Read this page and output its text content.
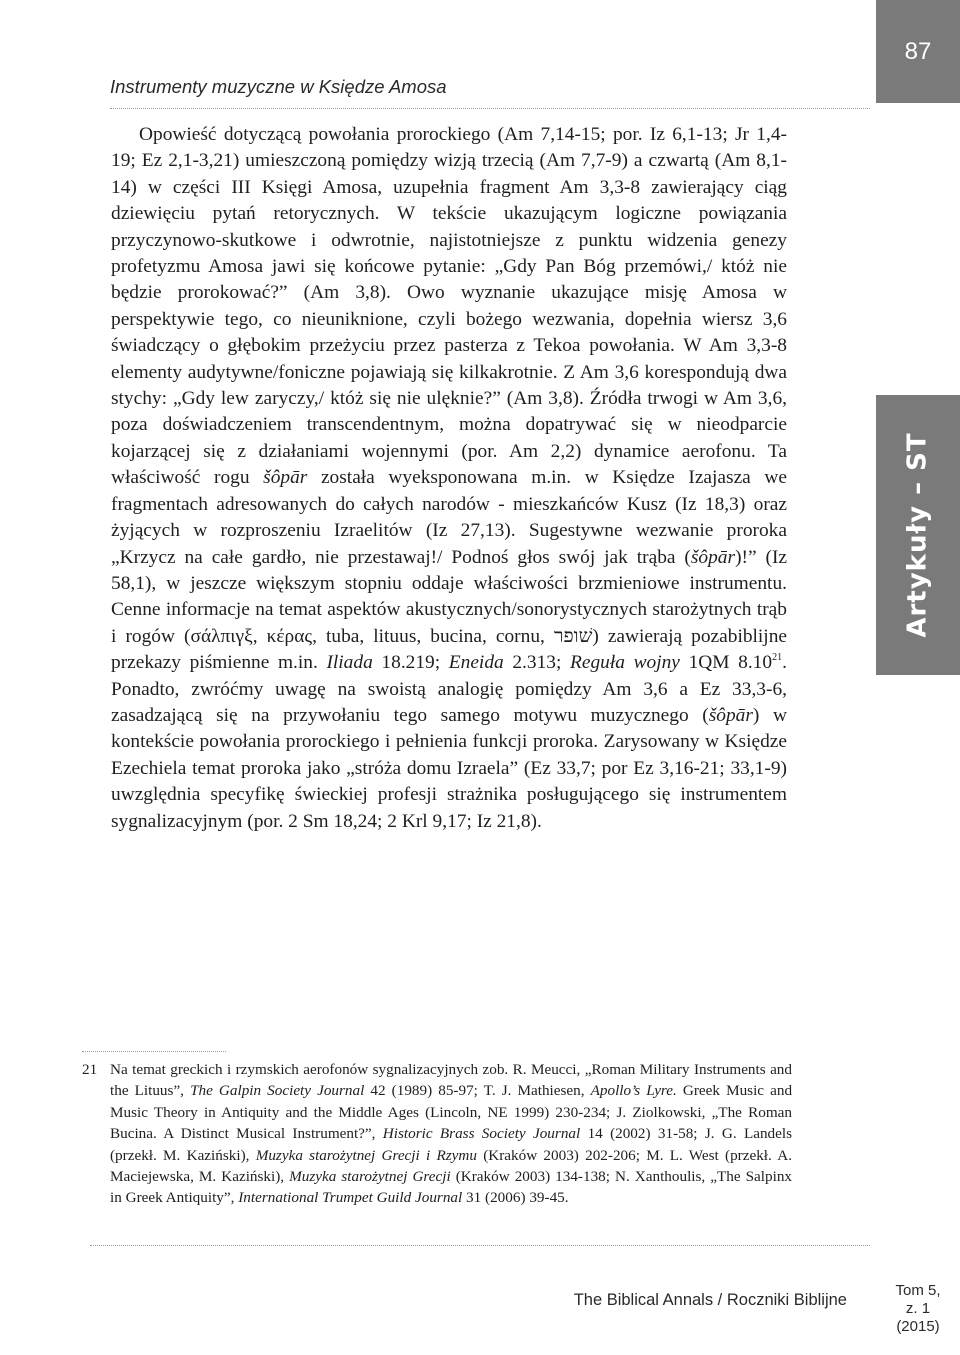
87
Instrumenty muzyczne w Księdze Amosa
Artykuły – ST

Opowieść dotyczącą powołania prorockiego (Am 7,14-15; por. Iz 6,1-13; Jr 1,4-19; Ez 2,1-3,21) umieszczoną pomiędzy wizją trzecią (Am 7,7-9) a czwartą (Am 8,1-14) w części III Księgi Amosa, uzupełnia fragment Am 3,3-8 zawierający ciąg dziewięciu pytań retorycznych. W tekście ukazującym logiczne powiązania przyczynowo-skutkowe i odwrotnie, najistotniejsze z punktu widzenia genezy profetyzmu Amosa jawi się końcowe pytanie: „Gdy Pan Bóg przemówi,/ któż nie będzie prorokować?” (Am 3,8). Owo wyznanie ukazujące misję Amosa w perspektywie tego, co nieuniknione, czyli bożego wezwania, dopełnia wiersz 3,6 świadczący o głębokim przeżyciu przez pasterza z Tekoa powołania. W Am 3,3-8 elementy audytywne/foniczne pojawiają się kilkakrotnie. Z Am 3,6 korespondują dwa stychy: „Gdy lew zaryczy,/ któż się nie ulęknie?” (Am 3,8). Źródła trwogi w Am 3,6, poza doświadczeniem transcendentnym, można dopatrywać się w nieodparcie kojarzącej się z działaniami wojennymi (por. Am 2,2) dynamice aerofonu. Ta właściwość rogu šôpār została wyeksponowana m.in. w Księdze Izajasza we fragmentach adresowanych do całych narodów - mieszkańców Kusz (Iz 18,3) oraz żyjących w rozproszeniu Izraelitów (Iz 27,13). Sugestywne wezwanie proroka „Krzycz na całe gardło, nie przestawaj!/ Podnoś głos swój jak trąba (šôpār)!” (Iz 58,1), w jeszcze większym stopniu oddaje właściwości brzmieniowe instrumentu. Cenne informacje na temat aspektów akustycznych/sonorystycznych starożytnych trąb i rogów (σάλπιγξ, κέρας, tuba, lituus, bucina, cornu, שׁופר) zawierają pozabiblijne przekazy piśmienne m.in. Iliada 18.219; Eneida 2.313; Reguła wojny 1QM 8.10$^{21}$. Ponadto, zwróćmy uwagę na swoistą analogię pomiędzy Am 3,6 a Ez 33,3-6, zasadzającą się na przywołaniu tego samego motywu muzycznego (šôpār) w kontekście powołania prorockiego i pełnienia funkcji proroka. Zarysowany w Księdze Ezechiela temat proroka jako „stróża domu Izraela” (Ez 33,7; por Ez 3,16-21; 33,1-9) uwzględnia specyfikę świeckiej profesji strażnika posługującego się instrumentem sygnalizacyjnym (por. 2 Sm 18,24; 2 Krl 9,17; Iz 21,8).

21 Na temat greckich i rzymskich aerofonów sygnalizacyjnych zob. R. Meucci, „Roman Military Instruments and the Lituus”, The Galpin Society Journal 42 (1989) 85-97; T. J. Mathiesen, Apollo’s Lyre. Greek Music and Music Theory in Antiquity and the Middle Ages (Lincoln, NE 1999) 230-234; J. Ziolkowski, „The Roman Bucina. A Distinct Musical Instrument?”, Historic Brass Society Journal 14 (2002) 31-58; J. G. Landels (przekł. M. Kaziński), Muzyka starożytnej Grecji i Rzymu (Kraków 2003) 202-206; M. L. West (przekł. A. Maciejewska, M. Kaziński), Muzyka starożytnej Grecji (Kraków 2003) 134-138; N. Xanthoulis, „The Salpinx in Greek Antiquity”, International Trumpet Guild Journal 31 (2006) 39-45.
The Biblical Annals / Roczniki Biblijne
Tom 5,
z. 1
(2015)
